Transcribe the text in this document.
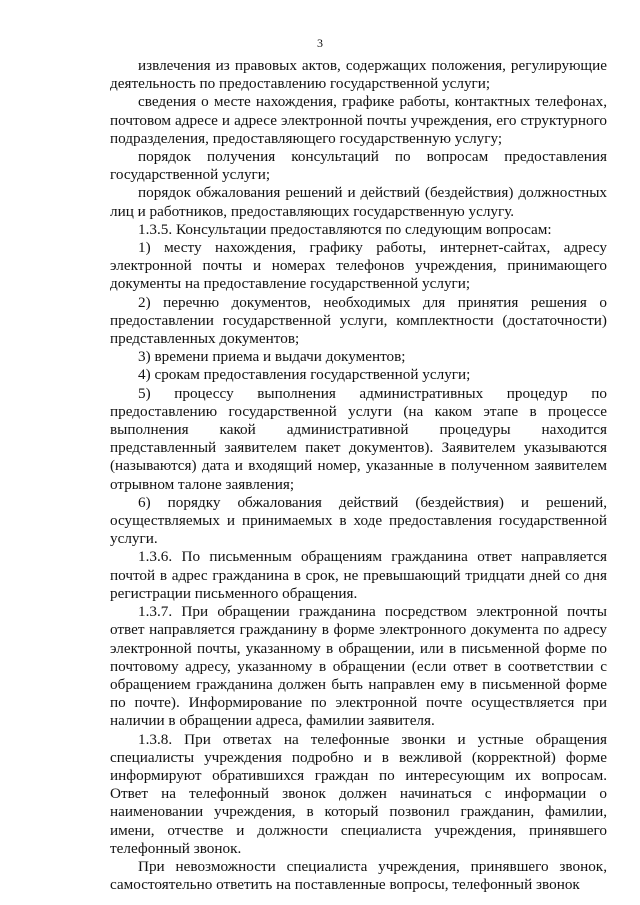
3

извлечения из правовых актов, содержащих положения, регулирующие деятельность по предоставлению государственной услуги;

сведения о месте нахождения, графике работы, контактных телефонах, почтовом адресе и адресе электронной почты учреждения, его структурного подразделения, предоставляющего государственную услугу;

порядок получения консультаций по вопросам предоставления государственной услуги;

порядок обжалования решений и действий (бездействия) должностных лиц и работников, предоставляющих государственную услугу.

1.3.5. Консультации предоставляются по следующим вопросам:

1) месту нахождения, графику работы, интернет-сайтах, адресу электронной почты и номерах телефонов учреждения, принимающего документы на предоставление государственной услуги;

2) перечню документов, необходимых для принятия решения о предоставлении государственной услуги, комплектности (достаточности) представленных документов;

3) времени приема и выдачи документов;

4) срокам предоставления государственной услуги;

5) процессу выполнения административных процедур по предоставлению государственной услуги (на каком этапе в процессе выполнения какой административной процедуры находится представленный заявителем пакет документов). Заявителем указываются (называются) дата и входящий номер, указанные в полученном заявителем отрывном талоне заявления;

6) порядку обжалования действий (бездействия) и решений, осуществляемых и принимаемых в ходе предоставления государственной услуги.

1.3.6. По письменным обращениям гражданина ответ направляется почтой в адрес гражданина в срок, не превышающий тридцати дней со дня регистрации письменного обращения.

1.3.7. При обращении гражданина посредством электронной почты ответ направляется гражданину в форме электронного документа по адресу электронной почты, указанному в обращении, или в письменной форме по почтовому адресу, указанному в обращении (если ответ в соответствии с обращением гражданина должен быть направлен ему в письменной форме по почте). Информирование по электронной почте осуществляется при наличии в обращении адреса, фамилии заявителя.

1.3.8. При ответах на телефонные звонки и устные обращения специалисты учреждения подробно и в вежливой (корректной) форме информируют обратившихся граждан по интересующим их вопросам. Ответ на телефонный звонок должен начинаться с информации о наименовании учреждения, в который позвонил гражданин, фамилии, имени, отчестве и должности специалиста учреждения, принявшего телефонный звонок.

При невозможности специалиста учреждения, принявшего звонок, самостоятельно ответить на поставленные вопросы, телефонный звонок
